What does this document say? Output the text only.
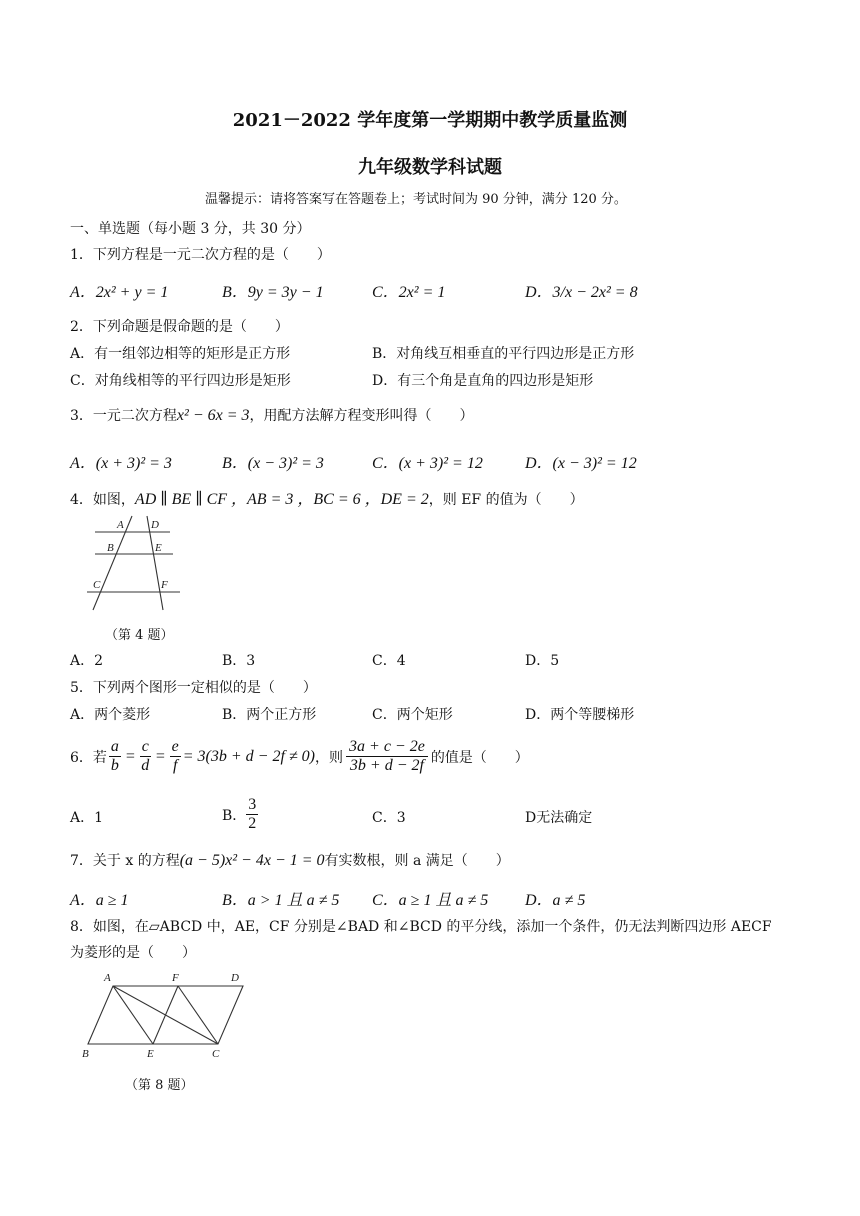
2021－2022 学年度第一学期期中教学质量监测
九年级数学科试题
温馨提示：请将答案写在答题卷上；考试时间为 90 分钟，满分 120 分。
一、单选题（每小题 3 分，共 30 分）
1．下列方程是一元二次方程的是（　　）
A．2x² + y = 1	B．9y = 3y − 1	C．2x² = 1	D．3/x − 2x² = 8
2．下列命题是假命题的是（　　）
A．有一组邻边相等的矩形是正方形	B．对角线互相垂直的平行四边形是正方形
C．对角线相等的平行四边形是矩形	D．有三个角是直角的四边形是矩形
3．一元二次方程x² − 6x = 3，用配方法解方程变形叫得（　　）
A．(x + 3)² = 3	B．(x − 3)² = 3	C．(x + 3)² = 12	D．(x − 3)² = 12
4．如图，AD ∥ BE ∥ CF ，AB = 3 ，BC = 6 ，DE = 2，则 EF 的值为（　　）
A D
B	E
C	F
（第 4 题）
A．2	B．3	C．4	D．5
5．下列两个图形一定相似的是（　　）
A．两个菱形	B．两个正方形	C．两个矩形	D．两个等腰梯形
6．若 $\frac{a}{b} = \frac{c}{d} = \frac{e}{f} = 3(3b + d - 2f \ne 0)$ ，则 $\frac{3a + c - 2e}{3b + d - 2f}$ 的值是（　　）
A．1	B． $\frac{3}{2}$	C．3	D无法确定
7．关于 x 的方程(a − 5)x² − 4x − 1 = 0有实数根，则 a 满足（　　）
A．a ≥ 1	B．a > 1 且 a ≠ 5 C．a ≥ 1 且 a ≠ 5 D．a ≠ 5
8．如图，在▱ABCD 中，AE，CF 分别是∠BAD 和∠BCD 的平分线，添加一个条件，仍无法判断四边形 AECF
为菱形的是（　　）
A	F	D
B	E	C
（第 8 题）
